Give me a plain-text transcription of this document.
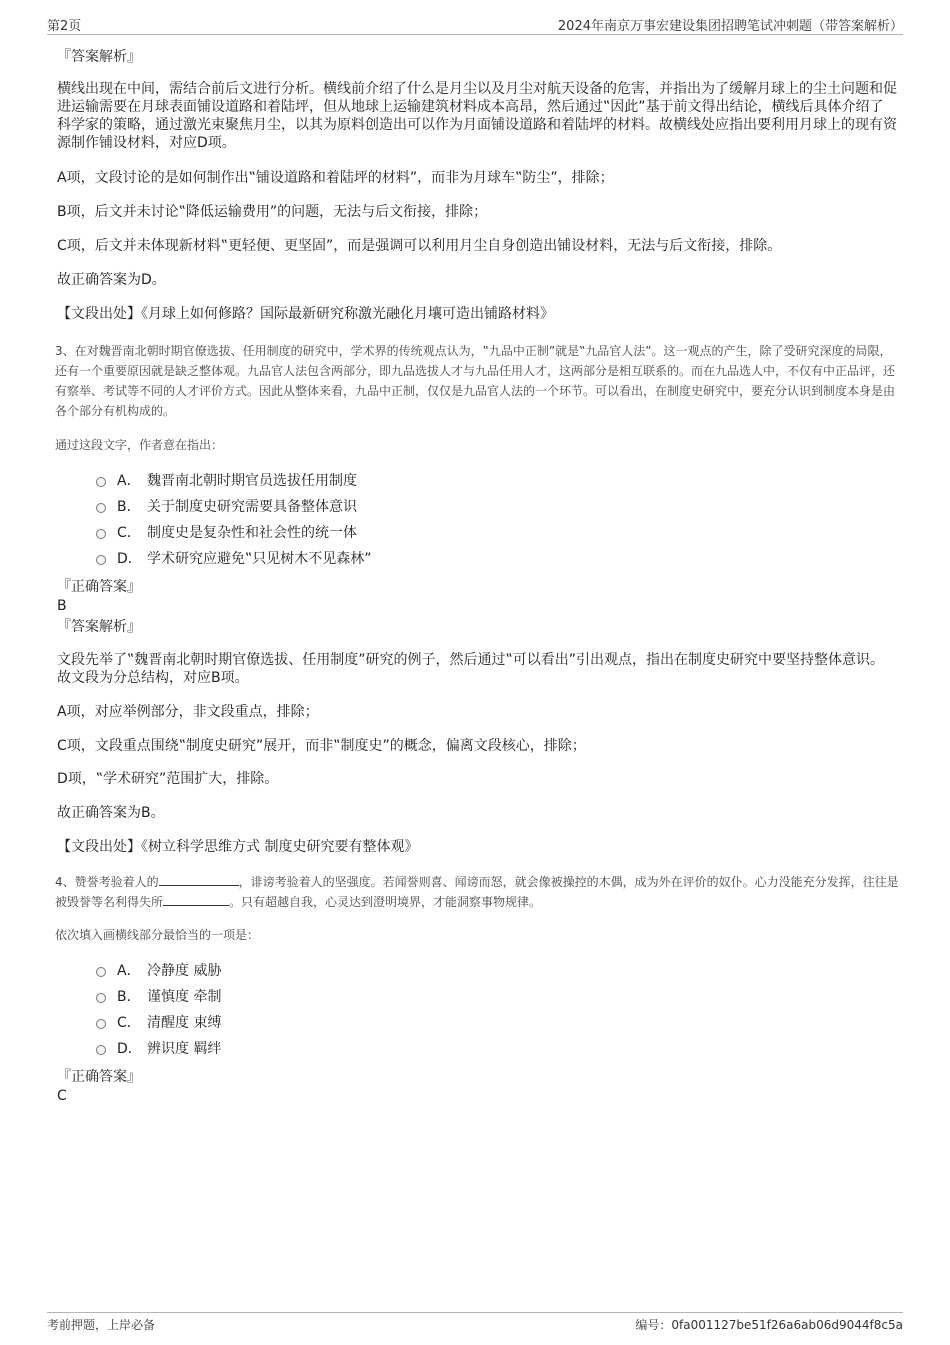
第2页	2024年南京万事宏建设集团招聘笔试冲刺题（带答案解析）
『答案解析』
横线出现在中间，需结合前后文进行分析。横线前介绍了什么是月尘以及月尘对航天设备的危害，并指出为了缓解月球上的尘土问题和促进运输需要在月球表面铺设道路和着陆坪，但从地球上运输建筑材料成本高昂，然后通过‟因此”基于前文得出结论，横线后具体介绍了科学家的策略，通过激光束聚焦月尘，以其为原料创造出可以作为月面铺设道路和着陆坪的材料。故横线处应指出要利用月球上的现有资源制作铺设材料，对应D项。
A项，文段讨论的是如何制作出‟铺设道路和着陆坪的材料”，而非为月球车‟防尘”，排除；
B项，后文并未讨论‟降低运输费用”的问题，无法与后文衔接，排除；
C项，后文并未体现新材料‟更轻便、更坚固”，而是强调可以利用月尘自身创造出铺设材料，无法与后文衔接，排除。
故正确答案为D。
【文段出处】《月球上如何修路？国际最新研究称激光融化月壤可造出铺路材料》
3、在对魏晋南北朝时期官僚选拔、任用制度的研究中，学术界的传统观点认为，‟九品中正制”就是‟九品官人法”。这一观点的产生，除了受研究深度的局限，还有一个重要原因就是缺乏整体观。九品官人法包含两部分，即九品选拔人才与九品任用人才，这两部分是相互联系的。而在九品选人中，不仅有中正品评，还有察举、考试等不同的人才评价方式。因此从整体来看，九品中正制，仅仅是九品官人法的一个环节。可以看出，在制度史研究中，要充分认识到制度本身是由各个部分有机构成的。
通过这段文字，作者意在指出：
A． 魏晋南北朝时期官员选拔任用制度
B． 关于制度史研究需要具备整体意识
C． 制度史是复杂性和社会性的统一体
D． 学术研究应避免‟只见树木不见森林”
『正确答案』
B
『答案解析』
文段先举了‟魏晋南北朝时期官僚选拔、任用制度”研究的例子，然后通过‟可以看出”引出观点，指出在制度史研究中要坚持整体意识。故文段为分总结构，对应B项。
A项，对应举例部分，非文段重点，排除；
C项，文段重点围绕‟制度史研究”展开，而非‟制度史”的概念，偏离文段核心，排除；
D项，‟学术研究”范围扩大，排除。
故正确答案为B。
【文段出处】《树立科学思维方式 制度史研究要有整体观》
4、赞誉考验着人的	，诽谤考验着人的坚强度。若闻誉则喜、闻谤而怒，就会像被操控的木偶，成为外在评价的奴仆。心力没能充分发挥，往往是被毁誉等名利得失所	。只有超越自我，心灵达到澄明境界，才能洞察事物规律。
依次填入画横线部分最恰当的一项是：
A． 冷静度 威胁
B． 谨慎度 牵制
C． 清醒度 束缚
D． 辨识度 羁绊
『正确答案』
C
考前押题，上岸必备	编号：0fa001127be51f26a6ab06d9044f8c5a
